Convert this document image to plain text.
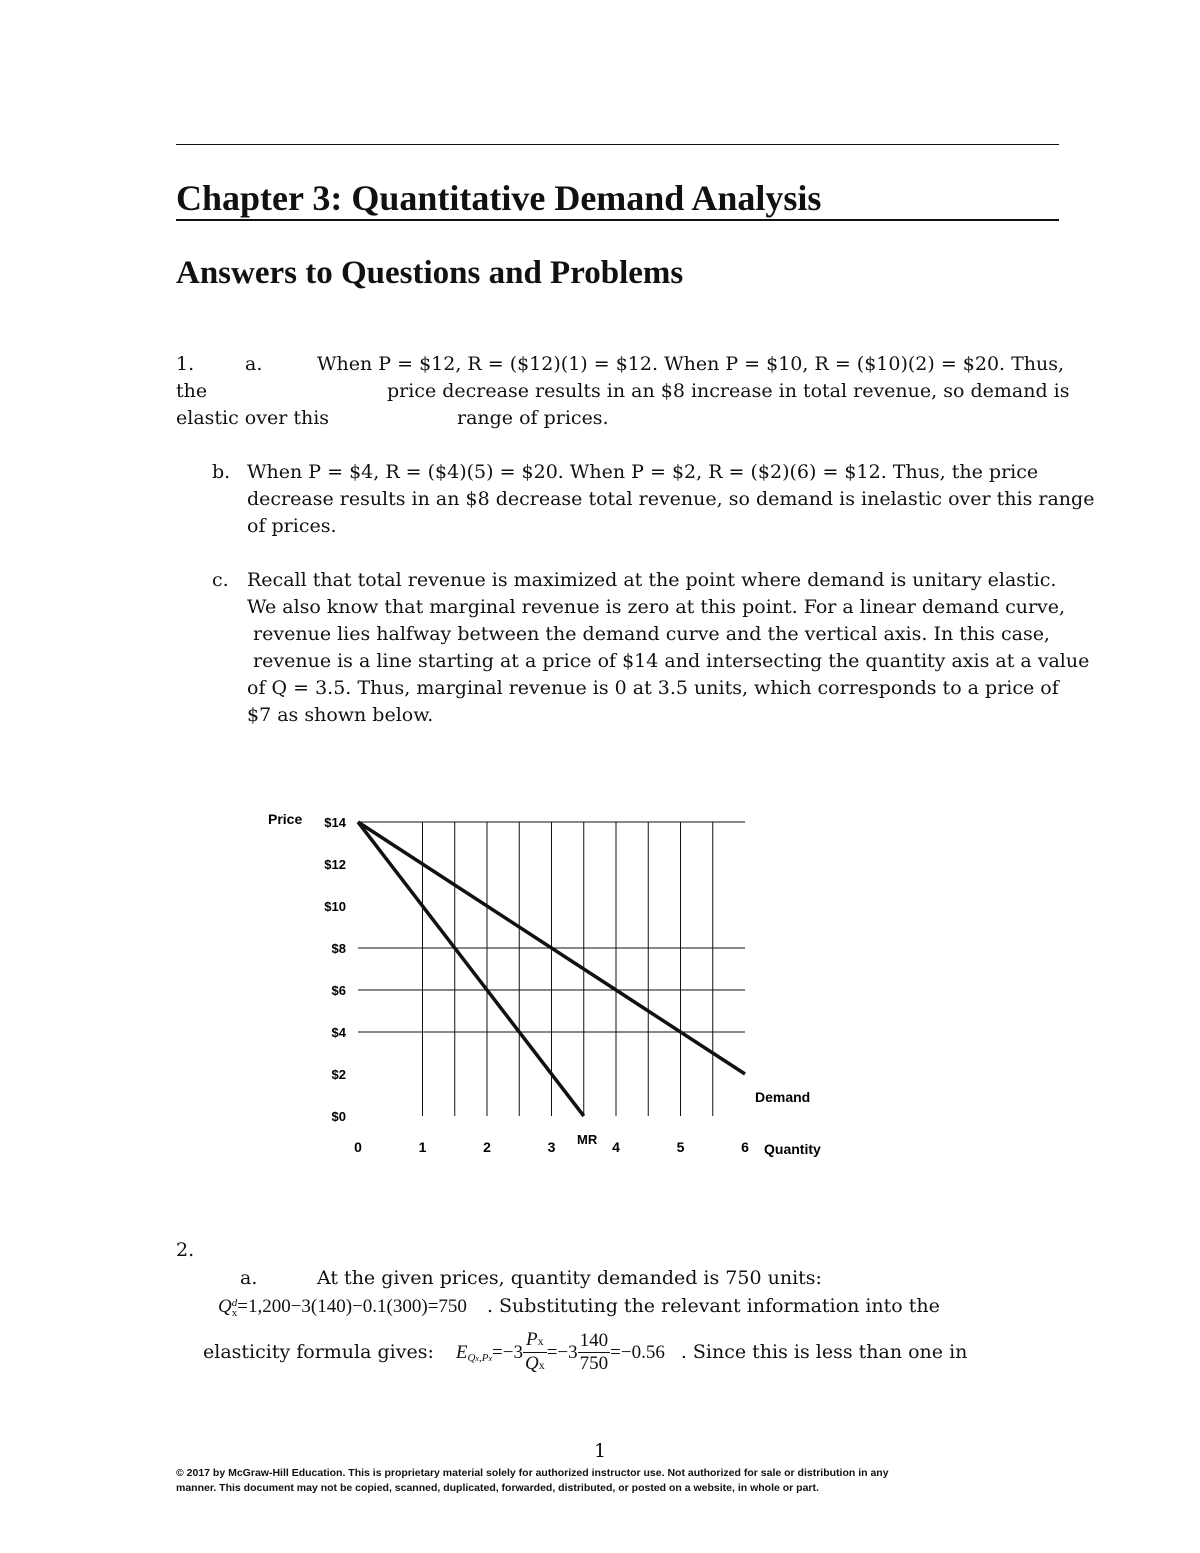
Chapter 3: Quantitative Demand Analysis
Answers to Questions and Problems
1.	a.	When P = $12, R = ($12)(1) = $12. When P = $10, R = ($10)(2) = $20. Thus,
the	price decrease results in an $8 increase in total revenue, so demand is
elastic over this	range of prices.
b. When P = $4, R = ($4)(5) = $20. When P = $2, R = ($2)(6) = $12. Thus, the price
decrease results in an $8 decrease total revenue, so demand is inelastic over this range
of prices.
c. Recall that total revenue is maximized at the point where demand is unitary elastic.
We also know that marginal revenue is zero at this point. For a linear demand curve,
revenue lies halfway between the demand curve and the vertical axis. In this case,
revenue is a line starting at a price of $14 and intersecting the quantity axis at a value
of Q = 3.5. Thus, marginal revenue is 0 at 3.5 units, which corresponds to a price of
$7 as shown below.
$14
$12
$10
$8
$6
$4
$2
$0
0	1	2	3	4	5	6
Price
Quantity
Demand
MR
2.
a.	At the given prices, quantity demanded is 750 units:
Q d
x =1,200−3(140)−0.1(300)=750 . Substituting the relevant information into the
elasticity formula gives: E $Qx,Px =-3 \frac{Px}{Qx} =-3 \frac{140}{750} =-0.56$ . Since this is less than one in
1
© 2017 by McGraw-Hill Education. This is proprietary material solely for authorized instructor use. Not authorized for sale or distribution in any
manner. This document may not be copied, scanned, duplicated, forwarded, distributed, or posted on a website, in whole or part.
